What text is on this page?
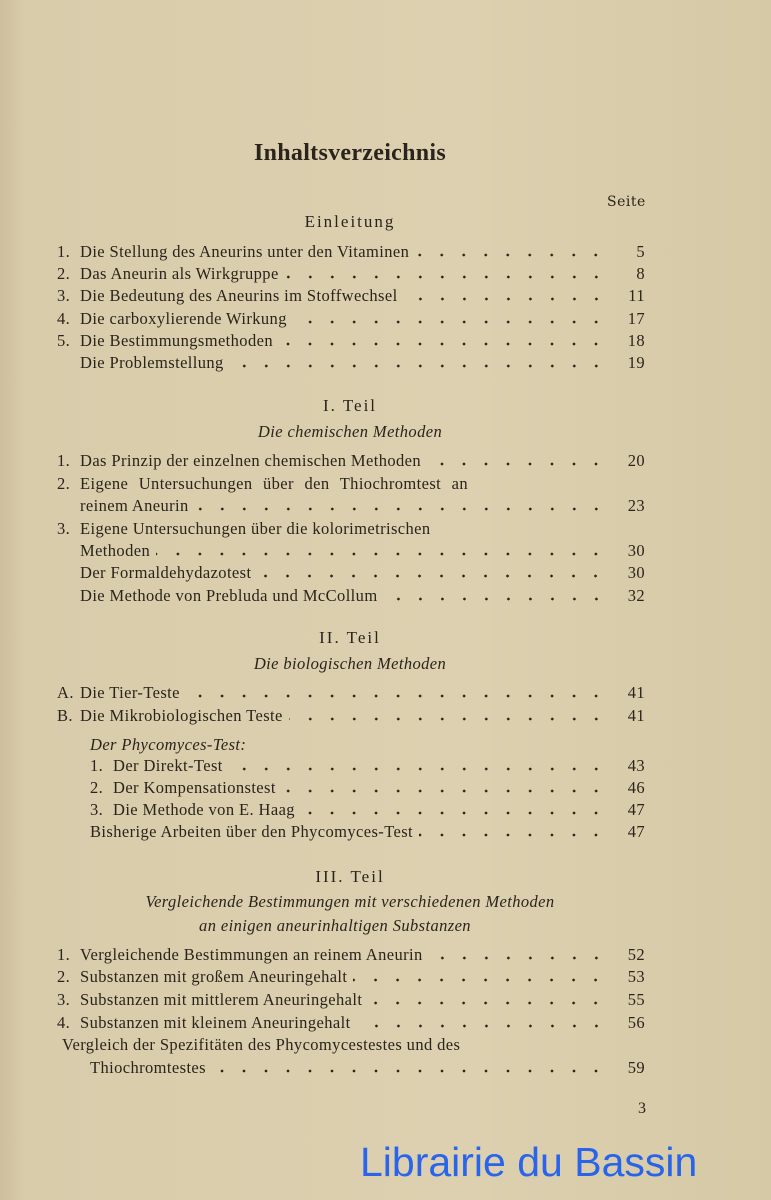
Inhaltsverzeichnis
Seite
Einleitung
1. Die Stellung des Aneurins unter den Vitaminen	5
2. Das Aneurin als Wirkgruppe	8
3. Die Bedeutung des Aneurins im Stoffwechsel	11
4. Die carboxylierende Wirkung	17
5. Die Bestimmungsmethoden	18
Die Problemstellung	19
I. Teil
Die chemischen Methoden
1. Das Prinzip der einzelnen chemischen Methoden	20
2. Eigene Untersuchungen über den Thiochromtest an
reinem Aneurin	23
3. Eigene Untersuchungen über die kolorimetrischen
Methoden	30
Der Formaldehydazotest	30
Die Methode von Prebluda und McCollum	32
II. Teil
Die biologischen Methoden
A. Die Tier-Teste	41
B. Die Mikrobiologischen Teste	41
Der Phycomyces-Test:
1. Der Direkt-Test	43
2. Der Kompensationstest	46
3. Die Methode von E. Haag	47
Bisherige Arbeiten über den Phycomyces-Test	47
III. Teil
Vergleichende Bestimmungen mit verschiedenen Methoden
an einigen aneurinhaltigen Substanzen
1. Vergleichende Bestimmungen an reinem Aneurin	52
2. Substanzen mit großem Aneuringehalt	53
3. Substanzen mit mittlerem Aneuringehalt	55
4. Substanzen mit kleinem Aneuringehalt	56
Vergleich der Spezifitäten des Phycomycestestes und des
Thiochromtestes	59
3
Librairie du Bassin
